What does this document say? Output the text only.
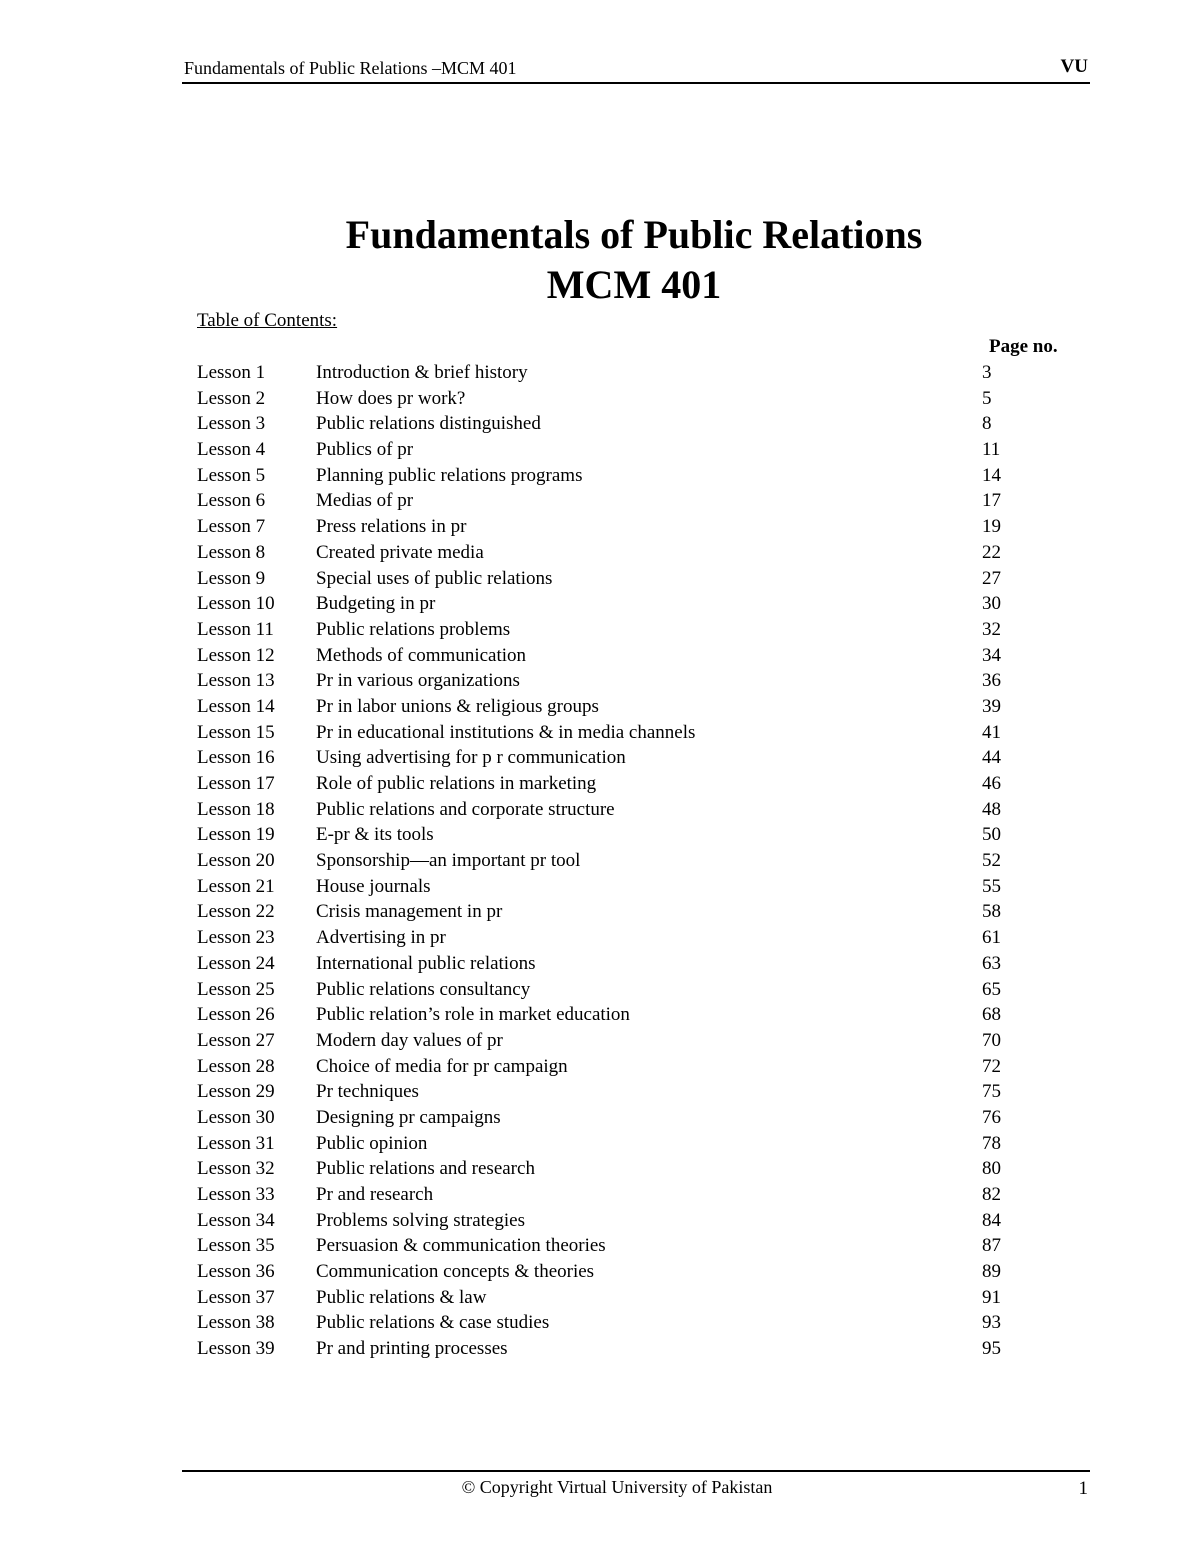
Fundamentals of Public Relations –MCM 401	VU
Fundamentals of Public Relations
MCM 401
Table of Contents:
Page no.
Lesson 1	Introduction & brief history	3
Lesson 2	How does pr work?	5
Lesson 3	Public relations distinguished	8
Lesson 4	Publics of pr	11
Lesson 5	Planning public relations programs	14
Lesson 6	Medias of pr	17
Lesson 7	Press relations in pr	19
Lesson 8	Created private media	22
Lesson 9	Special uses of public relations	27
Lesson 10 Budgeting in pr	30
Lesson 11 Public relations problems	32
Lesson 12 Methods of communication	34
Lesson 13 Pr in various organizations	36
Lesson 14 Pr in labor unions & religious groups	39
Lesson 15 Pr in educational institutions & in media channels	41
Lesson 16 Using advertising for p r communication	44
Lesson 17 Role of public relations in marketing	46
Lesson 18 Public relations and corporate structure	48
Lesson 19 E-pr & its tools	50
Lesson 20 Sponsorship—an important pr tool	52
Lesson 21 House journals	55
Lesson 22 Crisis management in pr	58
Lesson 23 Advertising in pr	61
Lesson 24 International public relations	63
Lesson 25 Public relations consultancy	65
Lesson 26 Public relation’s role in market education	68
Lesson 27 Modern day values of pr	70
Lesson 28 Choice of media for pr campaign	72
Lesson 29 Pr techniques	75
Lesson 30 Designing pr campaigns	76
Lesson 31 Public opinion	78
Lesson 32 Public relations and research	80
Lesson 33 Pr and research	82
Lesson 34 Problems solving strategies	84
Lesson 35 Persuasion & communication theories	87
Lesson 36 Communication concepts & theories	89
Lesson 37 Public relations & law	91
Lesson 38 Public relations & case studies	93
Lesson 39 Pr and printing processes	95
© Copyright Virtual University of Pakistan	1
